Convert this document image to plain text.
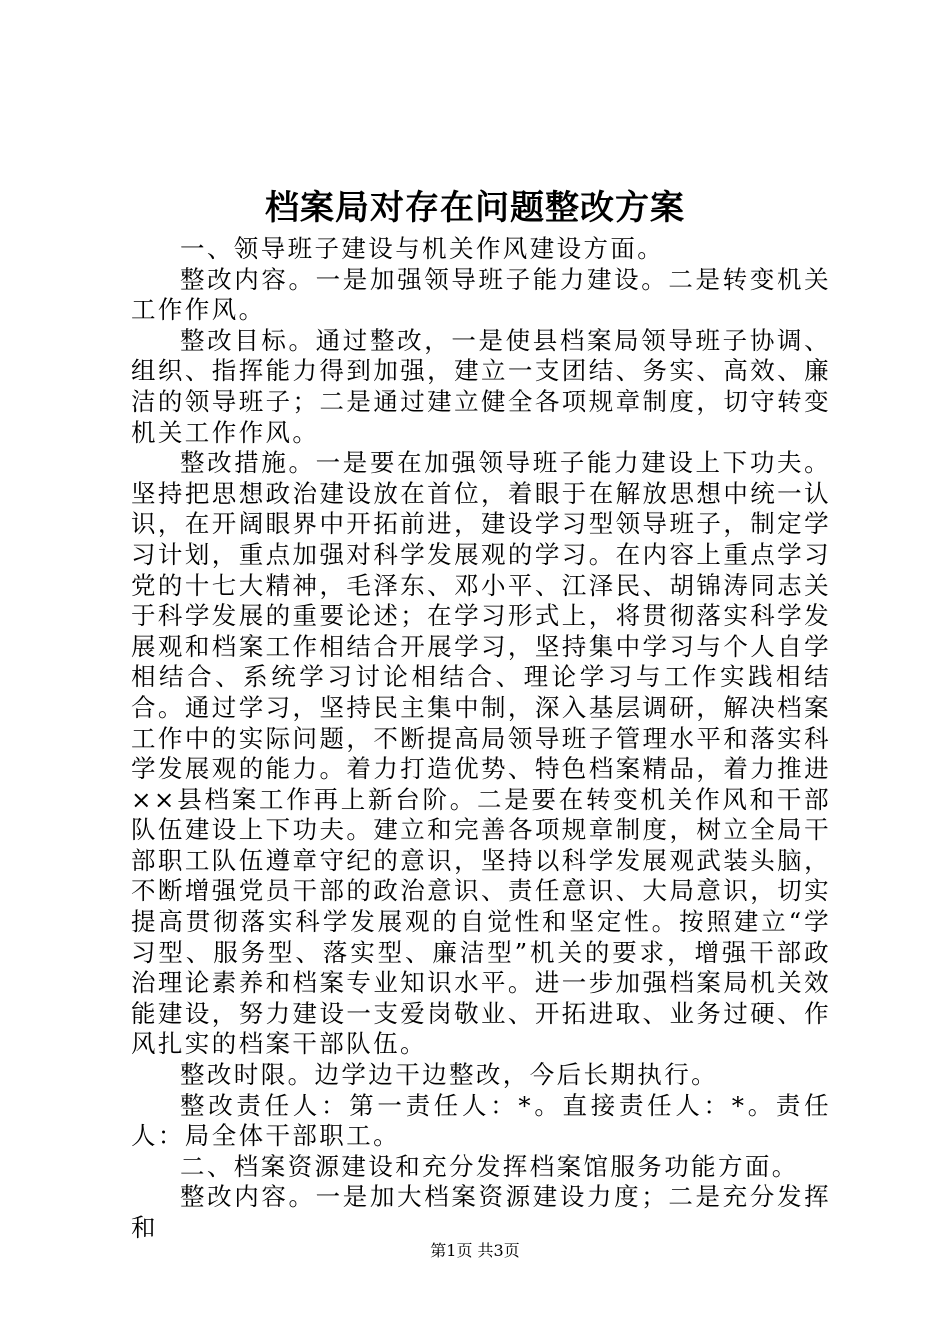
档案局对存在问题整改方案

一、领导班子建设与机关作风建设方面。

整改内容。一是加强领导班子能力建设。二是转变机关工作作风。

整改目标。通过整改，一是使县档案局领导班子协调、组织、指挥能力得到加强，建立一支团结、务实、高效、廉洁的领导班子；二是通过建立健全各项规章制度，切守转变机关工作作风。

整改措施。一是要在加强领导班子能力建设上下功夫。坚持把思想政治建设放在首位，着眼于在解放思想中统一认识，在开阔眼界中开拓前进，建设学习型领导班子，制定学习计划，重点加强对科学发展观的学习。在内容上重点学习党的十七大精神，毛泽东、邓小平、江泽民、胡锦涛同志关于科学发展的重要论述；在学习形式上，将贯彻落实科学发展观和档案工作相结合开展学习，坚持集中学习与个人自学相结合、系统学习讨论相结合、理论学习与工作实践相结合。通过学习，坚持民主集中制，深入基层调研，解决档案工作中的实际问题，不断提高局领导班子管理水平和落实科学发展观的能力。着力打造优势、特色档案精品，着力推进××县档案工作再上新台阶。二是要在转变机关作风和干部队伍建设上下功夫。建立和完善各项规章制度，树立全局干部职工队伍遵章守纪的意识，坚持以科学发展观武装头脑，不断增强党员干部的政治意识、责任意识、大局意识，切实提高贯彻落实科学发展观的自觉性和坚定性。按照建立“学习型、服务型、落实型、廉洁型”机关的要求，增强干部政治理论素养和档案专业知识水平。进一步加强档案局机关效能建设，努力建设一支爱岗敬业、开拓进取、业务过硬、作风扎实的档案干部队伍。

整改时限。边学边干边整改，今后长期执行。

整改责任人：第一责任人：*。直接责任人：*。责任人：局全体干部职工。

二、档案资源建设和充分发挥档案馆服务功能方面。

整改内容。一是加大档案资源建设力度；二是充分发挥和

第1页 共3页
